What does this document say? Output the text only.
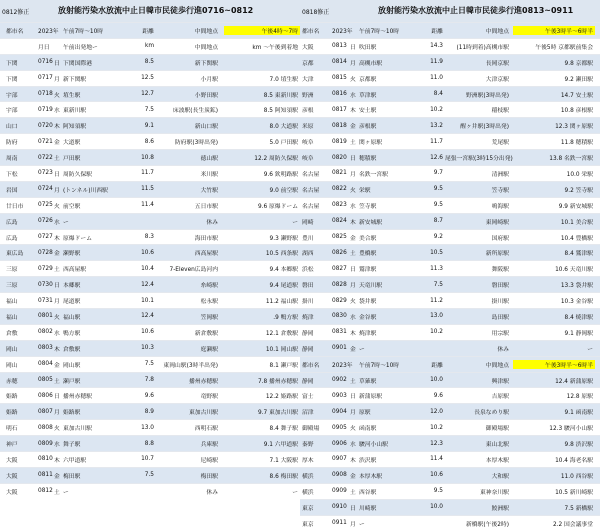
0812修正	放射能汚染水放流中止日韓市民徒歩行進0716~0812
都市名	2023年 午前7時〜10時	距離	中間地点	午後4時〜7時
月日	午前出発地ー	km	中間地点	km 〜午後到着地
下関	0716 日 下関国際港	8.5	新下関駅
下関	0717 月 新下関駅	12.5	小月駅	7.0 埴生駅
宇部	0718 火 埴生駅	12.7	小野田駅	8.5 東新川駅
宇部	0719 水 東新川駅	7.5	床波駅(長生炭鉱)	8.5 阿知須駅
山口	0720 木 阿知須駅	9.1	新山口駅	8.0 大道駅
防府	0721 金 大道駅	8.6	防府駅(3時出発)	5.0 戸田駅
周南	0722 土 戸田駅	10.8	徳山駅	12.2 周防久保駅
下松	0723 日 周防久保駅	11.7	米川駅	9.6 欽明路駅
岩国	0724 月 (トンネル)川西駅	11.5	大竹駅	9.0 前空駅
廿日市	0725 火 前空駅	11.4	五日市駅	9.6 原爆ドーム
広島	0726 水 ー	休み	ー
広島	0727 木 原爆ドーム	8.3	海田市駅	9.3 瀬野駅
東広島	0728 金 瀬野駅	10.6	西高屋駅	10.5 西条駅
三原	0729 土 西高屋駅	10.4	7-Eleven広島河内	9.4 本郷駅
三原	0730 日 本郷駅	12.4	糸崎駅	9.4 尾道駅
福山	0731 月 尾道駅	10.1	松永駅	11.2 福山駅
福山	0801 火 福山駅	12.4	笠岡駅	.9 鴨方駅
倉敷	0802 水 鴨方駅	10.6	新倉敷駅	12.1 倉敷駅
岡山	0803 木 倉敷駅	10.3	庭瀬駅	10.1 岡山駅
岡山	0804 金 岡山駅	7.5	東岡山駅(3時半出発)	8.1 瀬戸駅
赤穂	0805 土 瀬戸駅	7.8	播州赤穂駅	7.8 播州赤穂駅
姫路	0806 日 播州赤穂駅	9.6	竜野駅	12.2 姫路駅
姫路	0807 月 姫路駅	8.9	東加古川駅	9.7 東加古川駅
明石	0808 火 東加古川駅	13.0	西明石駅	8.4 舞子駅
神戸	0809 水 舞子駅	8.8	兵庫駅	9.1 六甲道駅
大阪	0810 木 六甲道駅	10.7	尼崎駅	7.1 大阪駅
大阪	0811 金 梅田駅	7.5	梅田駅	8.6 梅田駅
大阪	0812 土 ー	休み	ー
0818修正	放射能汚染水放流中止日韓市民徒歩行進0813~0911
都市名	2023年 午前7時〜10時	距離	中間地点	午後3時半〜6時半
大阪	0813 日 吹田駅	14.3	(11時到着)高槻市駅	午後5時 京都駅前集会
京都	0814 月 高槻市駅	11.9	長岡京駅	9.8 京都駅
大津	0815 火 京都駅	11.0	大津京駅	9.2 瀬田駅
野洲	0816 水 草津駅	8.4	野洲駅(3時出発)	14.7 安土駅
彦根	0817 木 安土駅	10.2	稲枝駅	10.8 彦根駅
米原	0818 金 彦根駅	13.2	醒ヶ井駅(3時出発)	12.3 関ヶ原駅
岐阜	0819 土 関ヶ原駅	11.7	荒尾駅	11.8 穂積駅
岐阜	0820 日 穂積駅	12.6 尾張一宮駅(3時15分出発)	13.8 名鉄一宮駅
名古屋	0821 月 名鉄一宮駅	9.7	清洲駅	10.0 栄駅
名古屋	0822 火 栄駅	9.5	笠寺駅	9.2 笠寺駅
名古屋	0823 水 笠寺駅	9.5	鳴海駅	9.9 新安城駅
岡崎	0824 木 新安城駅	8.7	東岡崎駅	10.1 美合駅
豊川	0825 金 美合駅	9.2	国府駅	10.4 豊橋駅
湖西	0826 土 豊橋駅	10.5	新所原駅	8.4 鷲津駅
浜松	0827 日 鷲津駅	11.3	舞阪駅	10.6 天竜川駅
磐田	0828 月 天竜川駅	7.5	磐田駅	13.3 袋井駅
掛川	0829 火 袋井駅	11.2	掛川駅	10.3 金谷駅
焼津	0830 水 金谷駅	13.0	島田駅	8.4 焼津駅
静岡	0831 木 焼津駅	10.2	用宗駅	9.1 静岡駅
静岡	0901 金 ー	休み	ー
都市名	2023年 午前7時〜10時	距離	中間地点	午後3時半〜6時半
静岡	0902 土 草薙駅	10.0	興津駅	12.4 新蒲原駅
富士	0903 日 新蒲原駅	9.6	吉原駅	12.8 原駅
沼津	0904 月 原駅	12.0	長泉なめり駅	9.1 函南駅
御殿場	0905 火 函南駅	10.2	御殿場駅	12.3 駿河小山駅
秦野	0906 水 駿河小山駅	12.3	東山北駅	9.8 渋沢駅
厚木	0907 木 渋沢駅	11.4	本厚木駅	10.4 海老名駅
横浜	0908 金 本厚木駅	10.6	大和駅	11.0 西谷駅
横浜	0909 土 西谷駅	9.5	東神奈川駅	10.5 新川崎駅
東京	0910 日 川崎駅	10.0	鮫洲駅	7.5 新橋駅
東京	0911 月 ー	新橋駅(午後2時)	2.2 国会議事堂
